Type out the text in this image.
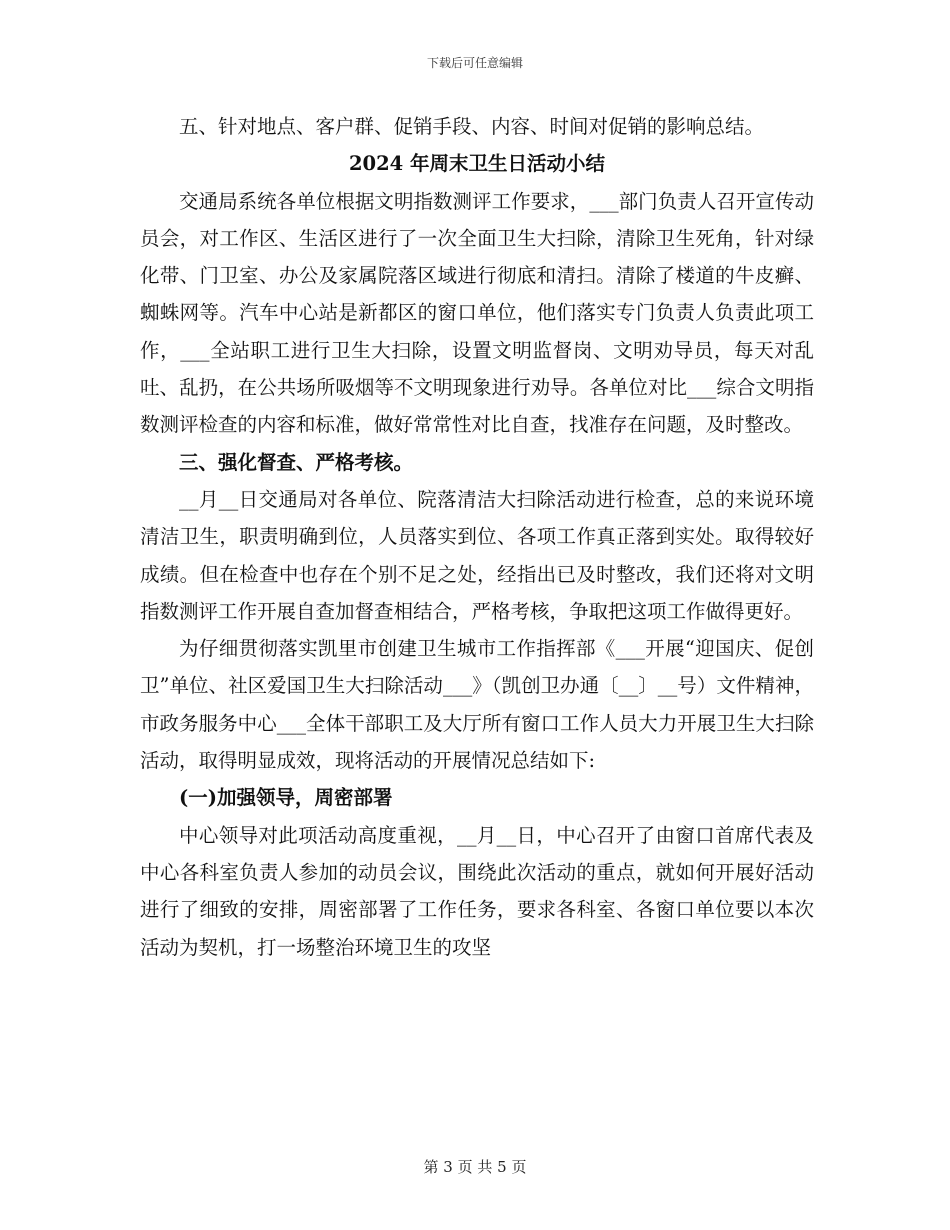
下载后可任意编辑

五、针对地点、客户群、促销手段、内容、时间对促销的影响总结。

2024 年周末卫生日活动小结

交通局系统各单位根据文明指数测评工作要求，___部门负责人召开宣传动员会，对工作区、生活区进行了一次全面卫生大扫除，清除卫生死角，针对绿化带、门卫室、办公及家属院落区域进行彻底和清扫。清除了楼道的牛皮癣、蜘蛛网等。汽车中心站是新都区的窗口单位，他们落实专门负责人负责此项工作，___全站职工进行卫生大扫除，设置文明监督岗、文明劝导员，每天对乱吐、乱扔，在公共场所吸烟等不文明现象进行劝导。各单位对比___综合文明指数测评检查的内容和标准，做好常常性对比自查，找准存在问题，及时整改。

三、强化督查、严格考核。

__月__日交通局对各单位、院落清洁大扫除活动进行检查，总的来说环境清洁卫生，职责明确到位，人员落实到位、各项工作真正落到实处。取得较好成绩。但在检查中也存在个别不足之处，经指出已及时整改，我们还将对文明指数测评工作开展自查加督查相结合，严格考核，争取把这项工作做得更好。

为仔细贯彻落实凯里市创建卫生城市工作指挥部《___开展“迎国庆、促创卫”单位、社区爱国卫生大扫除活动___》（凯创卫办通〔__〕__号）文件精神，市政务服务中心___全体干部职工及大厅所有窗口工作人员大力开展卫生大扫除活动，取得明显成效，现将活动的开展情况总结如下:

(一)加强领导，周密部署

中心领导对此项活动高度重视，__月__日，中心召开了由窗口首席代表及中心各科室负责人参加的动员会议，围绕此次活动的重点，就如何开展好活动进行了细致的安排，周密部署了工作任务，要求各科室、各窗口单位要以本次活动为契机，打一场整治环境卫生的攻坚

第 3 页 共 5 页
